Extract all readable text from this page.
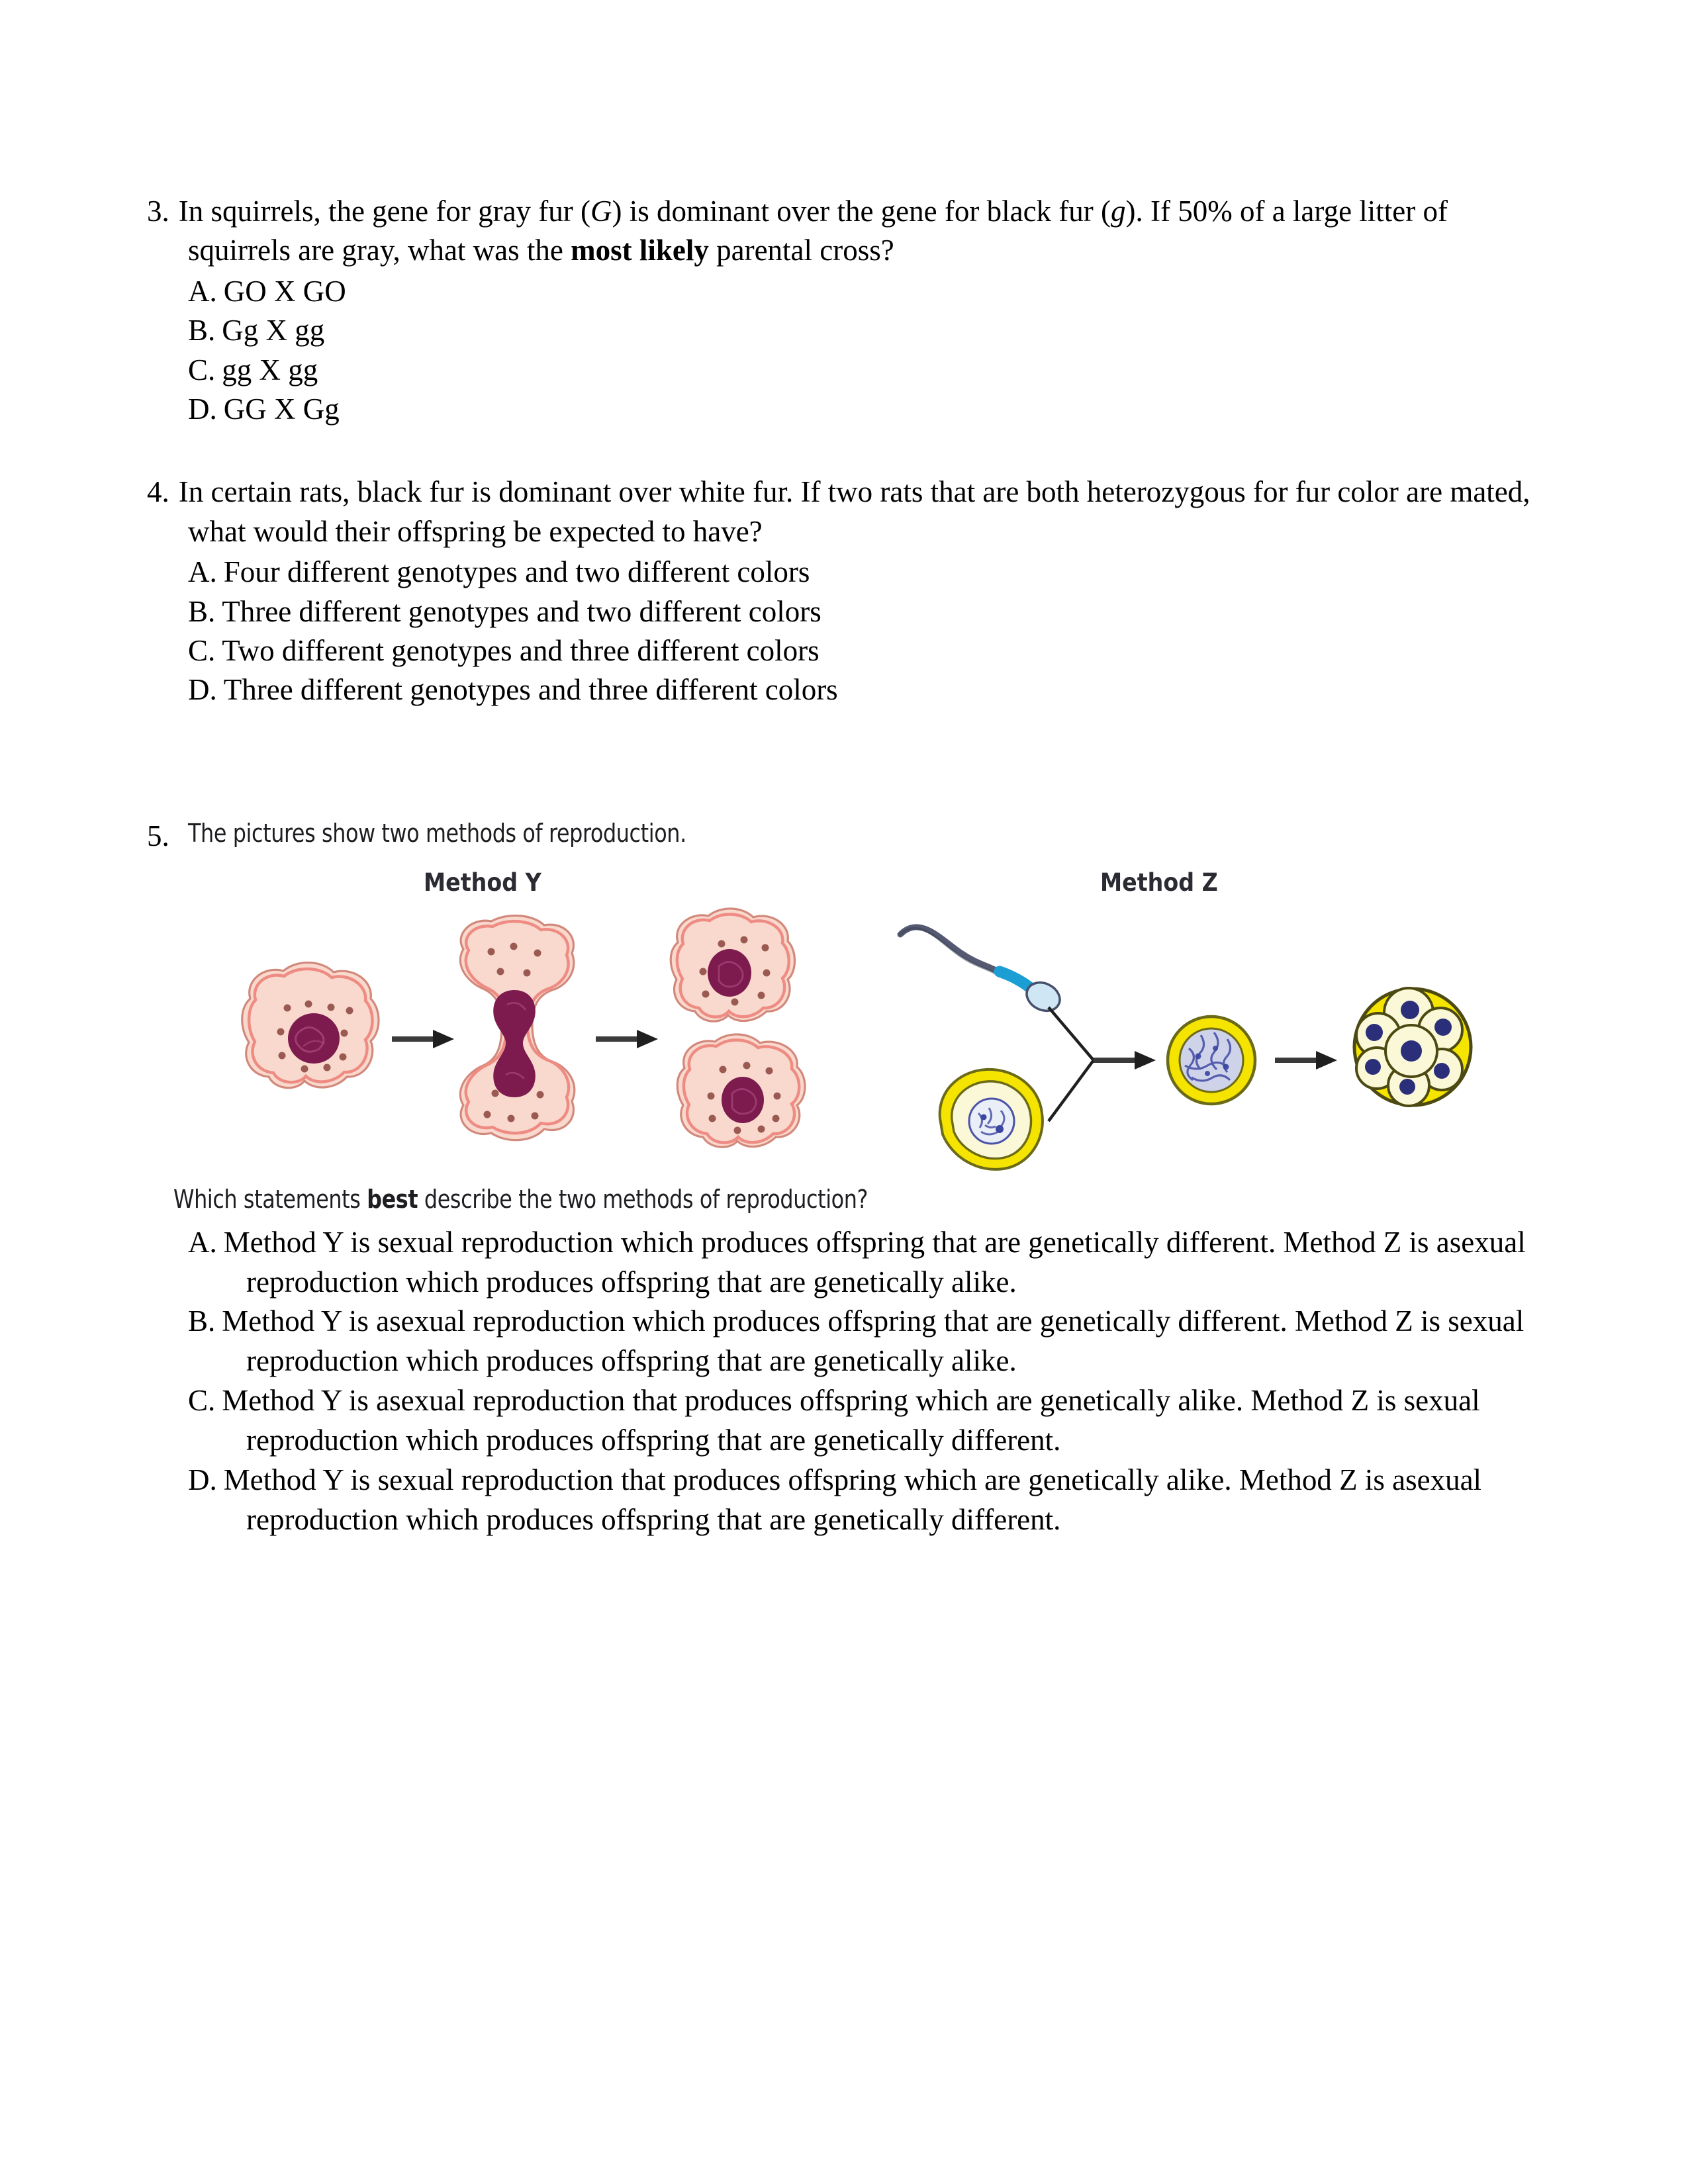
3. In squirrels, the gene for gray fur (G) is dominant over the gene for black fur (g). If 50% of a large litter of squirrels are gray, what was the most likely parental cross?

A. GO X GO
B. Gg X gg
C. gg X gg
D. GG X Gg

4. In certain rats, black fur is dominant over white fur. If two rats that are both heterozygous for fur color are mated, what would their offspring be expected to have?

A. Four different genotypes and two different colors
B. Three different genotypes and two different colors
C. Two different genotypes and three different colors
D. Three different genotypes and three different colors
5. The pictures show two methods of reproduction.
Method Y	Method Z
Which statements best describe the two methods of reproduction?
A. Method Y is sexual reproduction which produces offspring that are genetically different. Method Z is asexual reproduction which produces offspring that are genetically alike.
B. Method Y is asexual reproduction which produces offspring that are genetically different. Method Z is sexual reproduction which produces offspring that are genetically alike.
C. Method Y is asexual reproduction that produces offspring which are genetically alike. Method Z is sexual reproduction which produces offspring that are genetically different.
D. Method Y is sexual reproduction that produces offspring which are genetically alike. Method Z is asexual reproduction which produces offspring that are genetically different.
